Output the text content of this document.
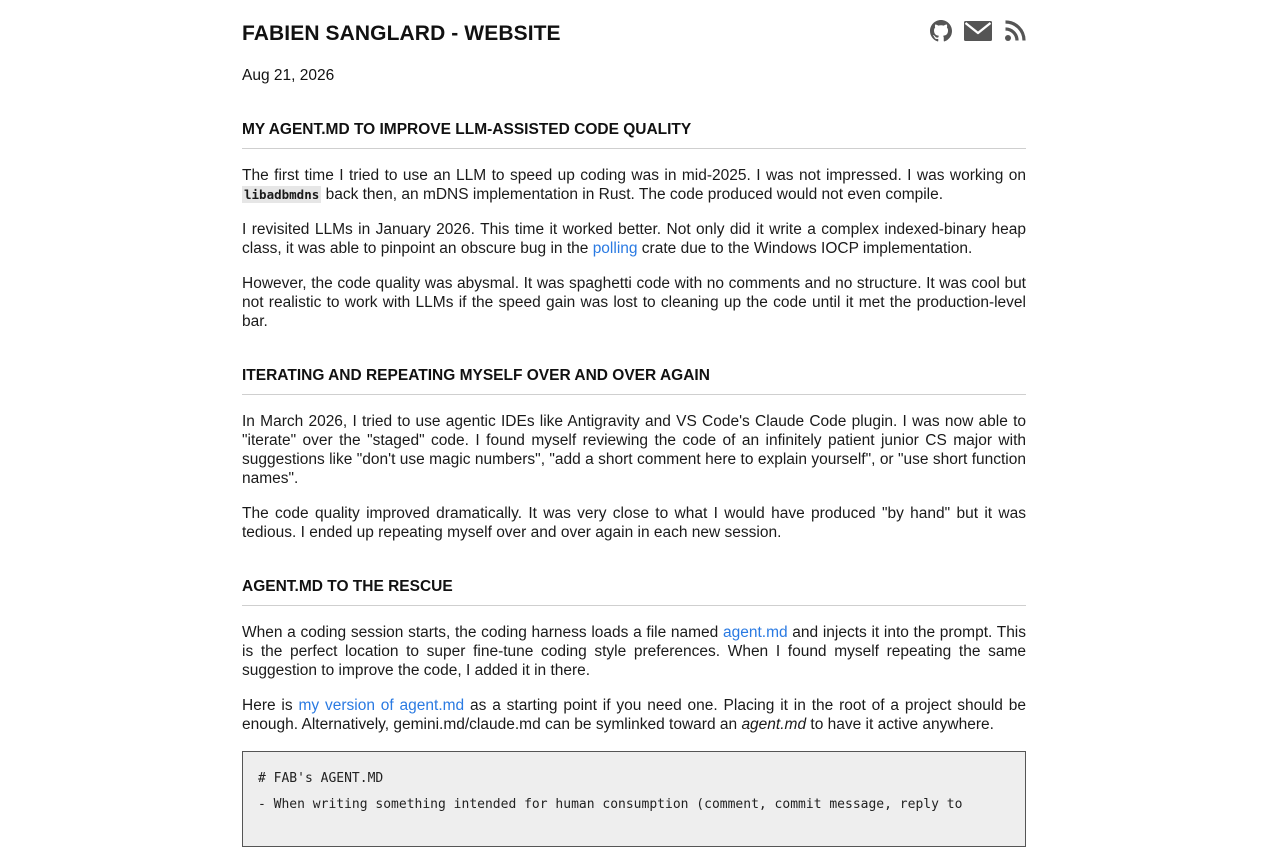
FABIEN SANGLARD - WEBSITE
Aug 21, 2026
MY AGENT.MD TO IMPROVE LLM-ASSISTED CODE QUALITY

The first time I tried to use an LLM to speed up coding was in mid-2025. I was not impressed. I was working on libadbmdns back then, an mDNS implementation in Rust. The code produced would not even compile.

I revisited LLMs in January 2026. This time it worked better. Not only did it write a complex indexed-binary heap class, it was able to pinpoint an obscure bug in the polling crate due to the Windows IOCP implementation.

However, the code quality was abysmal. It was spaghetti code with no comments and no structure. It was cool but not realistic to work with LLMs if the speed gain was lost to cleaning up the code until it met the production-level bar.

ITERATING AND REPEATING MYSELF OVER AND OVER AGAIN

In March 2026, I tried to use agentic IDEs like Antigravity and VS Code's Claude Code plugin. I was now able to "iterate" over the "staged" code. I found myself reviewing the code of an infinitely patient junior CS major with suggestions like "don't use magic numbers", "add a short comment here to explain yourself", or "use short function names".

The code quality improved dramatically. It was very close to what I would have produced "by hand" but it was tedious. I ended up repeating myself over and over again in each new session.

AGENT.MD TO THE RESCUE

When a coding session starts, the coding harness loads a file named agent.md and injects it into the prompt. This is the perfect location to super fine-tune coding style preferences. When I found myself repeating the same suggestion to improve the code, I added it in there.

Here is my version of agent.md as a starting point if you need one. Placing it in the root of a project should be enough. Alternatively, gemini.md/claude.md can be symlinked toward an agent.md to have it active anywhere.

# FAB's AGENT.MD
- When writing something intended for human consumption (comment, commit message, reply to
